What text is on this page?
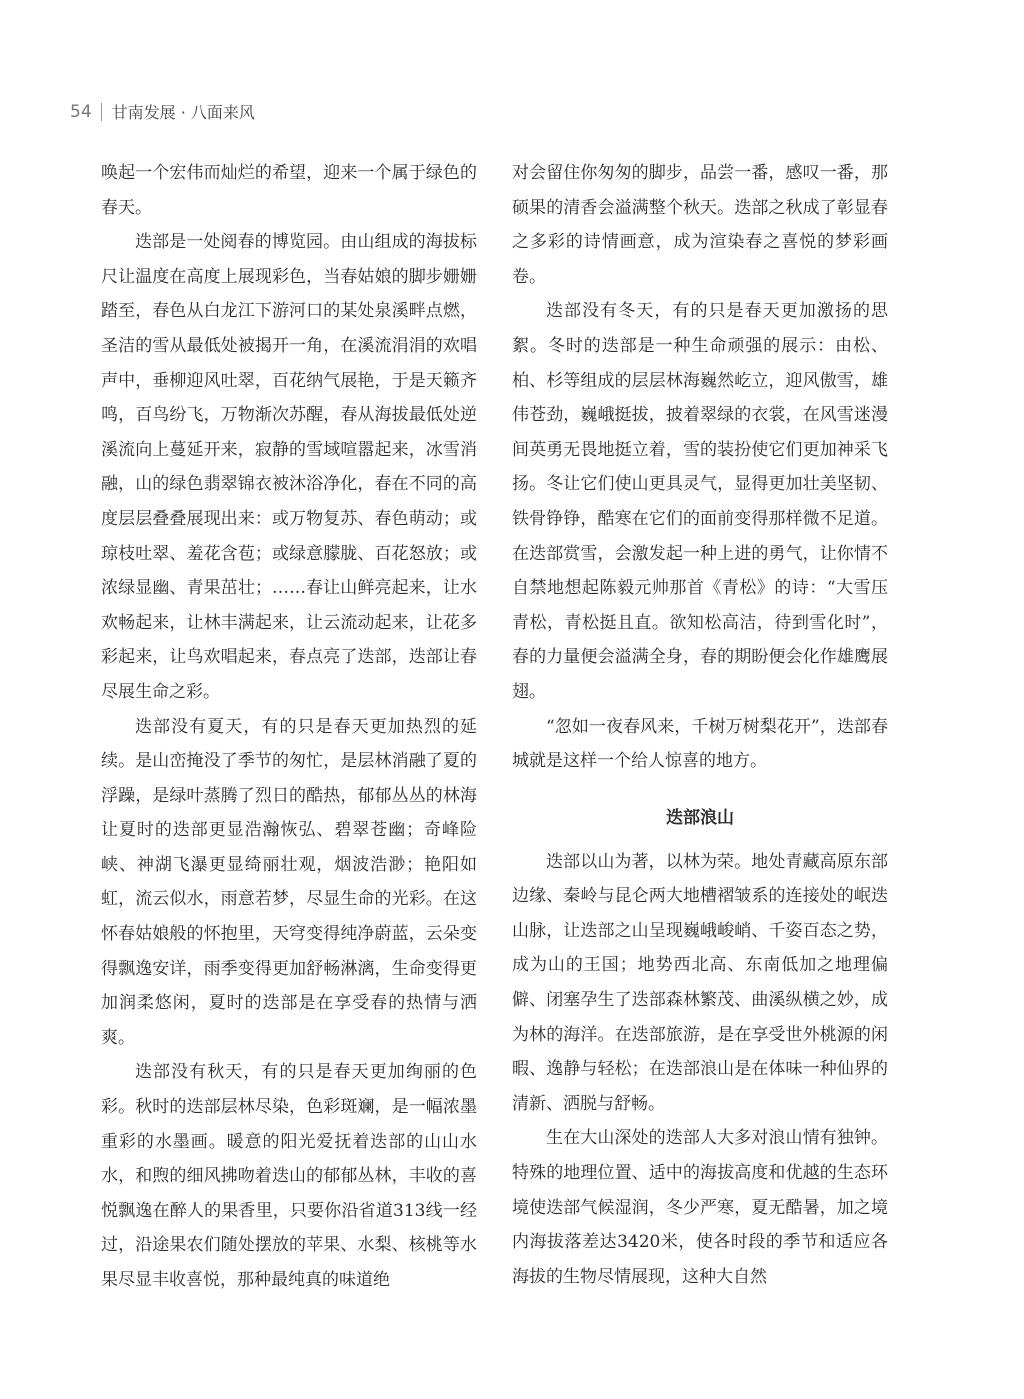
54 甘南发展 · 八面来风

唤起一个宏伟而灿烂的希望，迎来一个属于绿色的春天。

迭部是一处阅春的博览园。由山组成的海拔标尺让温度在高度上展现彩色，当春姑娘的脚步姗姗踏至，春色从白龙江下游河口的某处泉溪畔点燃，圣洁的雪从最低处被揭开一角，在溪流涓涓的欢唱声中，垂柳迎风吐翠，百花纳气展艳，于是天籁齐鸣，百鸟纷飞，万物渐次苏醒，春从海拔最低处逆溪流向上蔓延开来，寂静的雪域喧嚣起来，冰雪消融，山的绿色翡翠锦衣被沐浴净化，春在不同的高度层层叠叠展现出来：或万物复苏、春色萌动；或琼枝吐翠、羞花含苞；或绿意朦胧、百花怒放；或浓绿显幽、青果茁壮；……春让山鲜亮起来，让水欢畅起来，让林丰满起来，让云流动起来，让花多彩起来，让鸟欢唱起来，春点亮了迭部，迭部让春尽展生命之彩。

迭部没有夏天，有的只是春天更加热烈的延续。是山峦掩没了季节的匆忙，是层林消融了夏的浮躁，是绿叶蒸腾了烈日的酷热，郁郁丛丛的林海让夏时的迭部更显浩瀚恢弘、碧翠苍幽；奇峰险峡、神湖飞瀑更显绮丽壮观，烟波浩渺；艳阳如虹，流云似水，雨意若梦，尽显生命的光彩。在这怀春姑娘般的怀抱里，天穹变得纯净蔚蓝，云朵变得飘逸安详，雨季变得更加舒畅淋漓，生命变得更加润柔悠闲，夏时的迭部是在享受春的热情与洒爽。

迭部没有秋天，有的只是春天更加绚丽的色彩。秋时的迭部层林尽染，色彩斑斓，是一幅浓墨重彩的水墨画。暖意的阳光爱抚着迭部的山山水水，和煦的细风拂吻着迭山的郁郁丛林，丰收的喜悦飘逸在醉人的果香里，只要你沿省道313线一经过，沿途果农们随处摆放的苹果、水梨、核桃等水果尽显丰收喜悦，那种最纯真的味道绝

对会留住你匆匆的脚步，品尝一番，感叹一番，那硕果的清香会溢满整个秋天。迭部之秋成了彰显春之多彩的诗情画意，成为渲染春之喜悦的梦彩画卷。

迭部没有冬天，有的只是春天更加激扬的思絮。冬时的迭部是一种生命顽强的展示：由松、柏、杉等组成的层层林海巍然屹立，迎风傲雪，雄伟苍劲，巍峨挺拔，披着翠绿的衣裳，在风雪迷漫间英勇无畏地挺立着，雪的装扮使它们更加神采飞扬。冬让它们使山更具灵气，显得更加壮美坚韧、铁骨铮铮，酷寒在它们的面前变得那样微不足道。在迭部赏雪，会激发起一种上进的勇气，让你情不自禁地想起陈毅元帅那首《青松》的诗：“大雪压青松，青松挺且直。欲知松高洁，待到雪化时”，春的力量便会溢满全身，春的期盼便会化作雄鹰展翅。

“忽如一夜春风来，千树万树梨花开”，迭部春城就是这样一个给人惊喜的地方。

迭部浪山

迭部以山为著，以林为荣。地处青藏高原东部边缘、秦岭与昆仑两大地槽褶皱系的连接处的岷迭山脉，让迭部之山呈现巍峨峻峭、千姿百态之势，成为山的王国；地势西北高、东南低加之地理偏僻、闭塞孕生了迭部森林繁茂、曲溪纵横之妙，成为林的海洋。在迭部旅游，是在享受世外桃源的闲暇、逸静与轻松；在迭部浪山是在体味一种仙界的清新、洒脱与舒畅。

生在大山深处的迭部人大多对浪山情有独钟。特殊的地理位置、适中的海拔高度和优越的生态环境使迭部气候湿润，冬少严寒，夏无酷暑，加之境内海拔落差达3420米，使各时段的季节和适应各海拔的生物尽情展现，这种大自然
